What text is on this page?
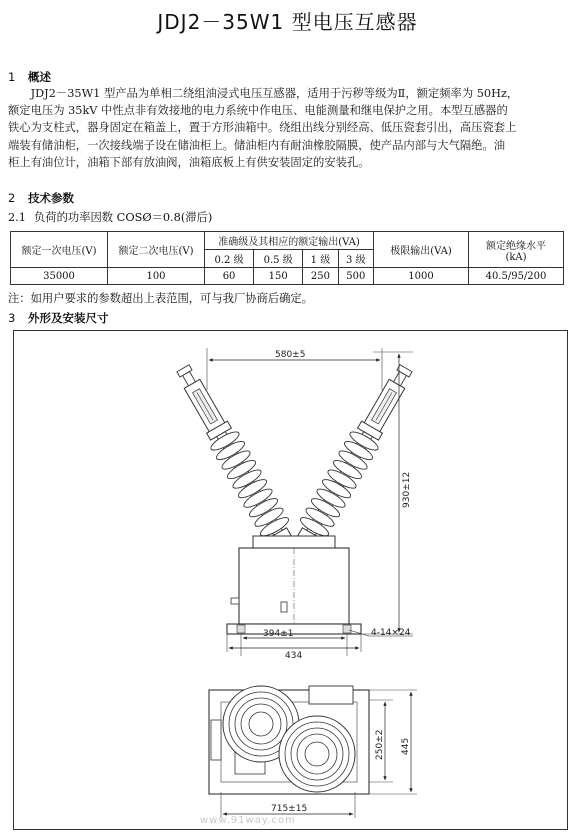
JDJ2－35W1 型电压互感器
1 概述

　　JDJ2－35W1 型产品为单相二绕组油浸式电压互感器，适用于污秽等级为Ⅱ，额定频率为 50Hz，
额定电压为 35kV 中性点非有效接地的电力系统中作电压、电能测量和继电保护之用。本型互感器的
铁心为支柱式，器身固定在箱盖上，置于方形油箱中。绕组出线分别经高、低压瓷套引出，高压瓷套上
端装有储油柜，一次接线端子设在储油柜上。储油柜内有耐油橡胶隔膜，使产品内部与大气隔绝。油
柜上有油位计，油箱下部有放油阀，油箱底板上有供安装固定的安装孔。

2 技术参数
2.1 负荷的功率因数 COSØ＝0.8(滞后)
额定一次电压(V)	额定二次电压(V)	准确级及其相应的额定输出(VA)				极限输出(VA)	额定绝缘水平
(kA)
		0.2 级	0.5 级	1 级	3 级		
35000	100	60	150	250	500	1000	40.5/95/200
注：如用户要求的参数超出上表范围，可与我厂协商后确定。
3 外形及安装尺寸
580±5
930±12
394±1
434
4-14×24
250±2 445
715±15
www.91way.com
